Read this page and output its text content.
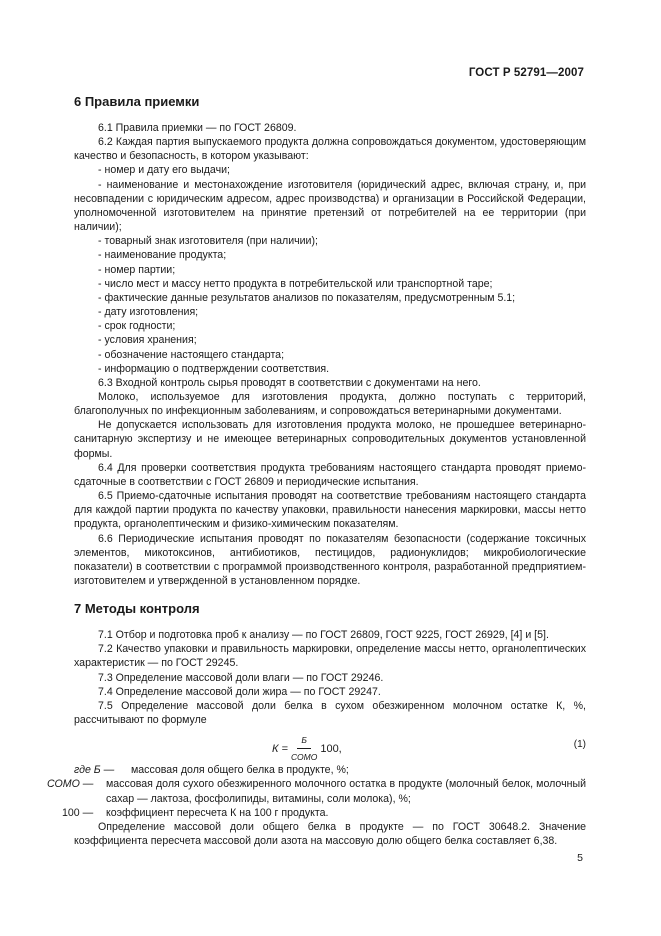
ГОСТ Р 52791—2007
6 Правила приемки

6.1 Правила приемки — по ГОСТ 26809.

6.2 Каждая партия выпускаемого продукта должна сопровождаться документом, удостоверяющим качество и безопасность, в котором указывают:

- номер и дату его выдачи;

- наименование и местонахождение изготовителя (юридический адрес, включая страну, и, при несовпадении с юридическим адресом, адрес производства) и организации в Российской Федерации, уполномоченной изготовителем на принятие претензий от потребителей на ее территории (при наличии);

- товарный знак изготовителя (при наличии);

- наименование продукта;

- номер партии;

- число мест и массу нетто продукта в потребительской или транспортной таре;

- фактические данные результатов анализов по показателям, предусмотренным 5.1;

- дату изготовления;

- срок годности;

- условия хранения;

- обозначение настоящего стандарта;

- информацию о подтверждении соответствия.

6.3 Входной контроль сырья проводят в соответствии с документами на него.

Молоко, используемое для изготовления продукта, должно поступать с территорий, благополучных по инфекционным заболеваниям, и сопровождаться ветеринарными документами.

Не допускается использовать для изготовления продукта молоко, не прошедшее ветеринарно-санитарную экспертизу и не имеющее ветеринарных сопроводительных документов установленной формы.

6.4 Для проверки соответствия продукта требованиям настоящего стандарта проводят приемо-сдаточные в соответствии с ГОСТ 26809 и периодические испытания.

6.5 Приемо-сдаточные испытания проводят на соответствие требованиям настоящего стандарта для каждой партии продукта по качеству упаковки, правильности нанесения маркировки, массы нетто продукта, органолептическим и физико-химическим показателям.

6.6 Периодические испытания проводят по показателям безопасности (содержание токсичных элементов, микотоксинов, антибиотиков, пестицидов, радионуклидов; микробиологические показатели) в соответствии с программой производственного контроля, разработанной предприятием-изготовителем и утвержденной в установленном порядке.

7 Методы контроля

7.1 Отбор и подготовка проб к анализу — по ГОСТ 26809, ГОСТ 9225, ГОСТ 26929, [4] и [5].

7.2 Качество упаковки и правильность маркировки, определение массы нетто, органолептических характеристик — по ГОСТ 29245.

7.3 Определение массовой доли влаги — по ГОСТ 29246.

7.4 Определение массовой доли жира — по ГОСТ 29247.

7.5 Определение массовой доли белка в сухом обезжиренном молочном остатке К, %, рассчитывают по формуле

$К = \frac{Б}{\text{СОМО}} 100$,	(1)
где Б —	массовая доля общего белка в продукте, %;
СОМО —	массовая доля сухого обезжиренного молочного остатка в продукте (молочный белок, молочный сахар — лактоза, фосфолипиды, витамины, соли молока), %;
100 —	коэффициент пересчета К на 100 г продукта.

Определение массовой доли общего белка в продукте — по ГОСТ 30648.2. Значение коэффициента пересчета массовой доли азота на массовую долю общего белка составляет 6,38.

5
